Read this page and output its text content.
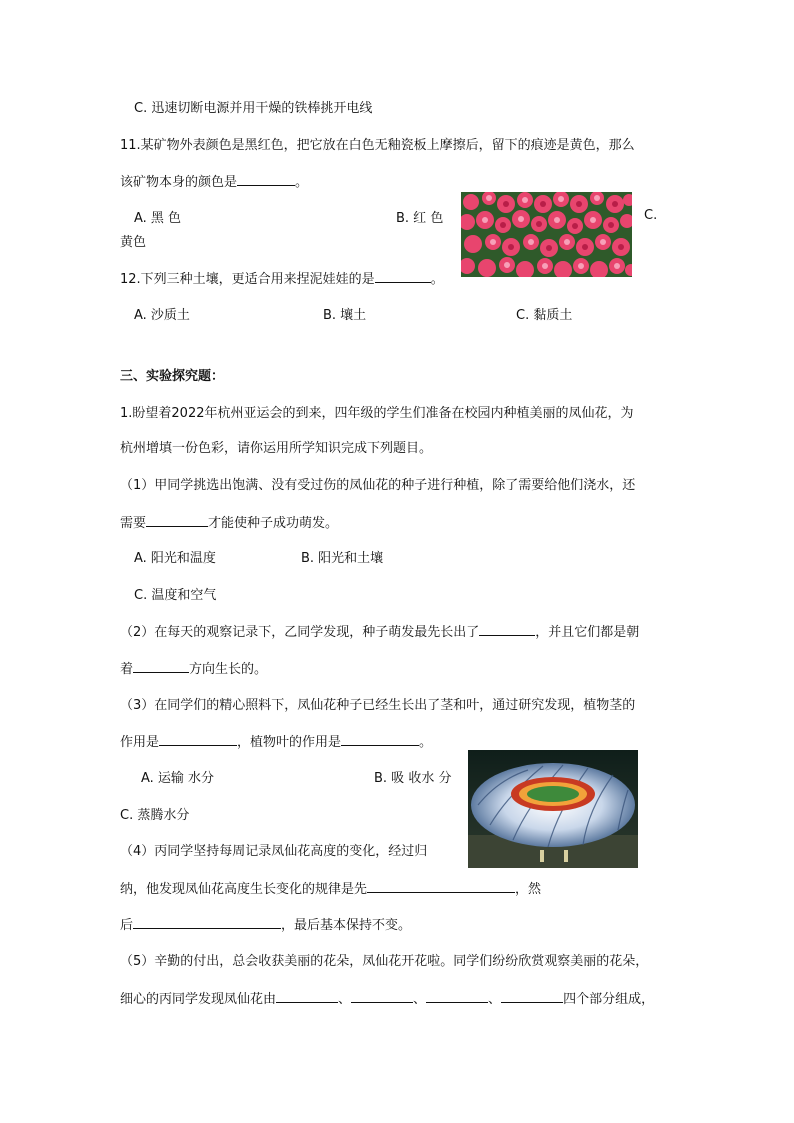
C. 迅速切断电源并用干燥的铁棒挑开电线
11.某矿物外表颜色是黑红色，把它放在白色无釉瓷板上摩擦后，留下的痕迹是黄色，那么
该矿物本身的颜色是	。
A. 黑 色	B. 红 色	C.
黄色
12.下列三种土壤，更适合用来捏泥娃娃的是	。
A. 沙质土	B. 壤土	C. 黏质土
三、实验探究题：
1.盼望着2022年杭州亚运会的到来，四年级的学生们准备在校园内种植美丽的凤仙花，为
杭州增填一份色彩，请你运用所学知识完成下列题目。
（1）甲同学挑选出饱满、没有受过伤的凤仙花的种子进行种植，除了需要给他们浇水，还
需要	才能使种子成功萌发。
A. 阳光和温度	B. 阳光和土壤
C. 温度和空气
（2）在每天的观察记录下，乙同学发现，种子萌发最先长出了	，并且它们都是朝
着	方向生长的。
（3）在同学们的精心照料下，凤仙花种子已经生长出了茎和叶，通过研究发现，植物茎的
作用是	，植物叶的作用是	。
A. 运输 水分	B. 吸 收水 分
C. 蒸腾水分
（4）丙同学坚持每周记录凤仙花高度的变化，经过归
纳，他发现凤仙花高度生长变化的规律是先	，然
后	，最后基本保持不变。
（5）辛勤的付出，总会收获美丽的花朵，凤仙花开花啦。同学们纷纷欣赏观察美丽的花朵，
细心的丙同学发现凤仙花由	、	、	、	四个部分组成，
